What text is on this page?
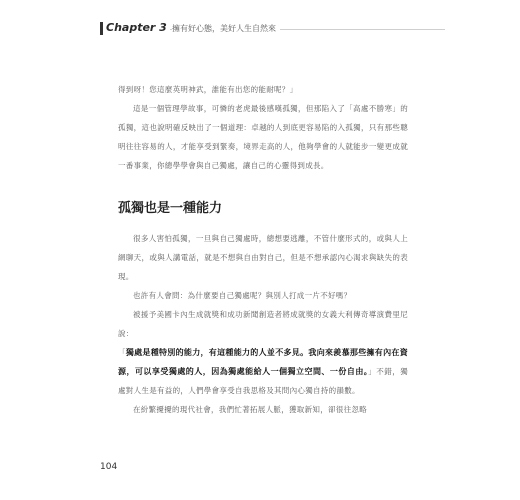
Chapter 3 擁有好心態，美好人生自然來

得到呀！您這麼英明神武，誰能有出您的能耐呢？」

這是一個管理學故事，可憐的老虎最後感嘆孤獨，但那陷入了「高處不勝寒」的孤獨，這也說明確反映出了一個道理：卓越的人到底更容易陷的入孤獨，只有那些聰明往往容易的人，才能享受到緊奏，境界走高的人，他夠學會的人就能步一變更成就一番事業，你總學學會與自己獨處，讓自己的心靈得到成長。

孤獨也是一種能力

很多人害怕孤獨，一旦與自己獨處時，總想要逃離，不管什麼形式的，或與人上網聊天，或與人講電話，就是不想與自由對自己，但是不想承認內心渴求與缺失的表現。

也許有人會問：為什麼要自己獨處呢？與別人打成一片不好嗎？

被援予美國卡內生成就獎和成功新聞創造者將成就獎的女義大利傳奇導演費里尼說：

「獨處是種特別的能力，有這種能力的人並不多見。我向來羨慕那些擁有內在資源，可以享受獨處的人，因為獨處能給人一個獨立空間、一份自由。」不錯，獨處對人生是有益的，人們學會享受自我思格及其問內心獨自持的韻數。

在紛繁擾擾的現代社會，我們忙著拓展人脈，獲取新知，卻很往忽略

104
